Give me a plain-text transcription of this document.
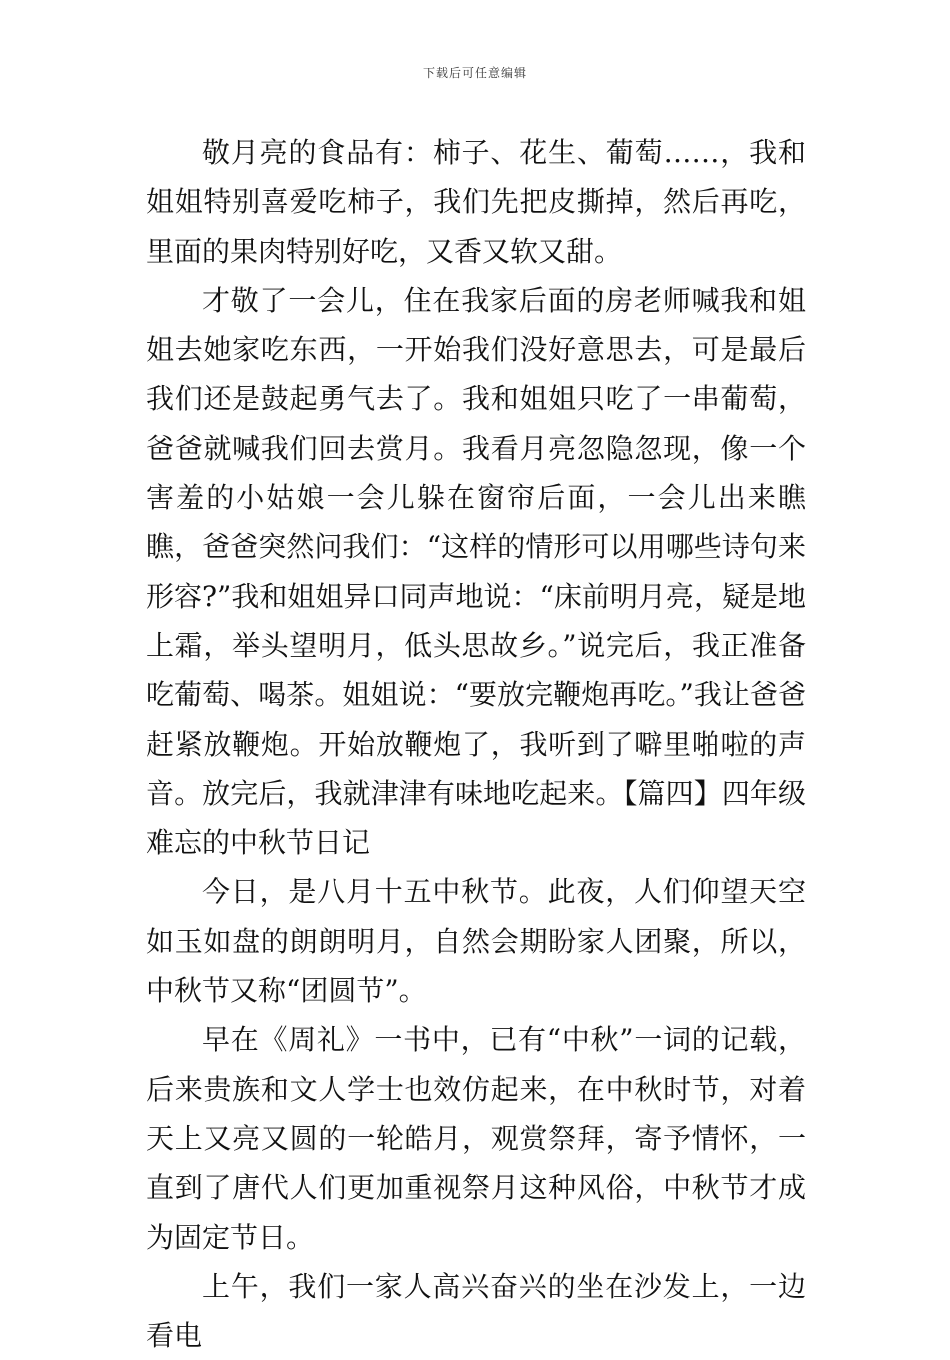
下载后可任意编辑

敬月亮的食品有：柿子、花生、葡萄……，我和姐姐特别喜爱吃柿子，我们先把皮撕掉，然后再吃，里面的果肉特别好吃，又香又软又甜。

才敬了一会儿，住在我家后面的房老师喊我和姐姐去她家吃东西，一开始我们没好意思去，可是最后我们还是鼓起勇气去了。我和姐姐只吃了一串葡萄，爸爸就喊我们回去赏月。我看月亮忽隐忽现，像一个害羞的小姑娘一会儿躲在窗帘后面，一会儿出来瞧瞧，爸爸突然问我们：“这样的情形可以用哪些诗句来形容?”我和姐姐异口同声地说：“床前明月亮，疑是地上霜，举头望明月，低头思故乡。”说完后，我正准备吃葡萄、喝茶。姐姐说：“要放完鞭炮再吃。”我让爸爸赶紧放鞭炮。开始放鞭炮了，我听到了噼里啪啦的声音。放完后，我就津津有味地吃起来。【篇四】四年级难忘的中秋节日记

今日，是八月十五中秋节。此夜，人们仰望天空如玉如盘的朗朗明月，自然会期盼家人团聚，所以，中秋节又称“团圆节”。

早在《周礼》一书中，已有“中秋”一词的记载，后来贵族和文人学士也效仿起来，在中秋时节，对着天上又亮又圆的一轮皓月，观赏祭拜，寄予情怀，一直到了唐代人们更加重视祭月这种风俗，中秋节才成为固定节日。

上午，我们一家人高兴奋兴的坐在沙发上，一边看电
